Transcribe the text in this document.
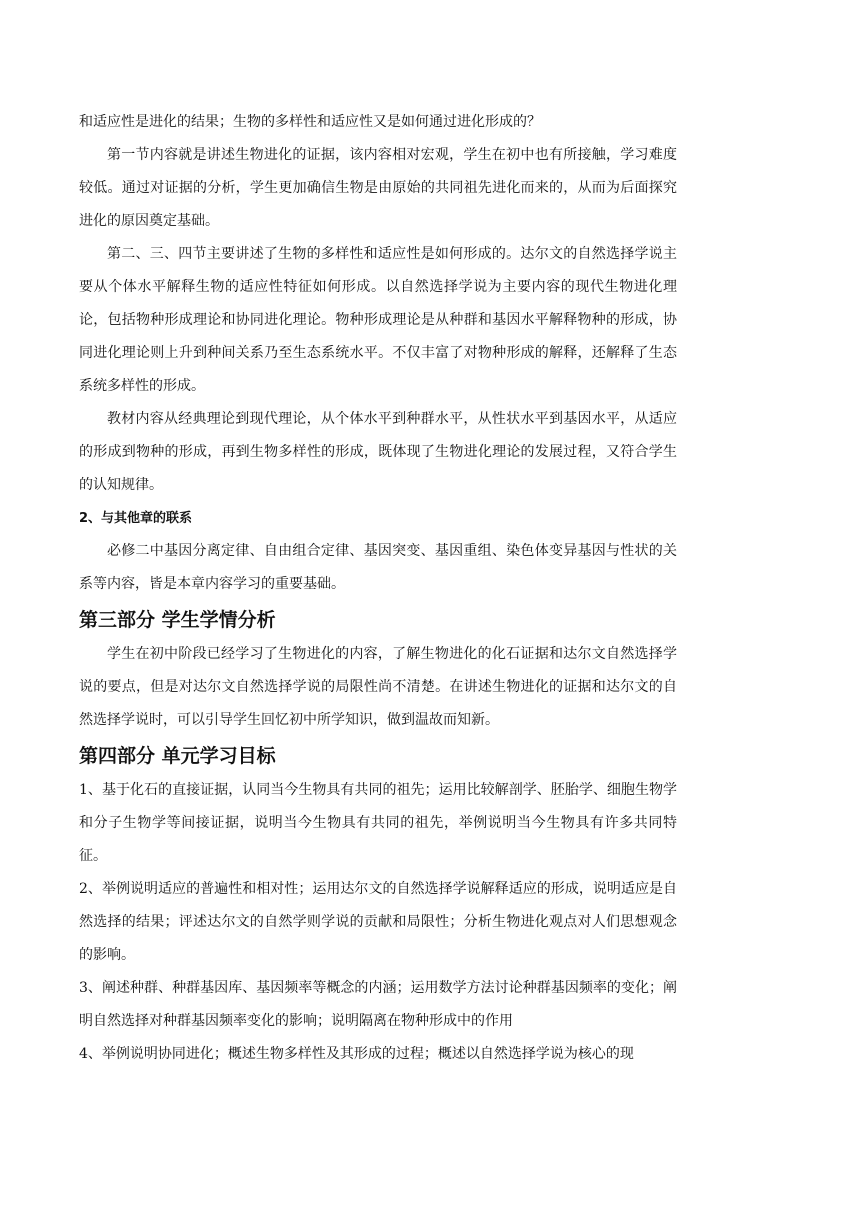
和适应性是进化的结果；生物的多样性和适应性又是如何通过进化形成的？

第一节内容就是讲述生物进化的证据，该内容相对宏观，学生在初中也有所接触，学习难度较低。通过对证据的分析，学生更加确信生物是由原始的共同祖先进化而来的，从而为后面探究进化的原因奠定基础。

第二、三、四节主要讲述了生物的多样性和适应性是如何形成的。达尔文的自然选择学说主要从个体水平解释生物的适应性特征如何形成。以自然选择学说为主要内容的现代生物进化理论，包括物种形成理论和协同进化理论。物种形成理论是从种群和基因水平解释物种的形成，协同进化理论则上升到种间关系乃至生态系统水平。不仅丰富了对物种形成的解释，还解释了生态系统多样性的形成。

教材内容从经典理论到现代理论，从个体水平到种群水平，从性状水平到基因水平，从适应的形成到物种的形成，再到生物多样性的形成，既体现了生物进化理论的发展过程，又符合学生的认知规律。

2、与其他章的联系

必修二中基因分离定律、自由组合定律、基因突变、基因重组、染色体变异基因与性状的关系等内容，皆是本章内容学习的重要基础。

第三部分 学生学情分析

学生在初中阶段已经学习了生物进化的内容，了解生物进化的化石证据和达尔文自然选择学说的要点，但是对达尔文自然选择学说的局限性尚不清楚。在讲述生物进化的证据和达尔文的自然选择学说时，可以引导学生回忆初中所学知识，做到温故而知新。

第四部分 单元学习目标

1、基于化石的直接证据，认同当今生物具有共同的祖先；运用比较解剖学、胚胎学、细胞生物学和分子生物学等间接证据，说明当今生物具有共同的祖先，举例说明当今生物具有许多共同特征。

2、举例说明适应的普遍性和相对性；运用达尔文的自然选择学说解释适应的形成，说明适应是自然选择的结果；评述达尔文的自然学则学说的贡献和局限性；分析生物进化观点对人们思想观念的影响。

3、阐述种群、种群基因库、基因频率等概念的内涵；运用数学方法讨论种群基因频率的变化；阐明自然选择对种群基因频率变化的影响；说明隔离在物种形成中的作用

4、举例说明协同进化；概述生物多样性及其形成的过程；概述以自然选择学说为核心的现
